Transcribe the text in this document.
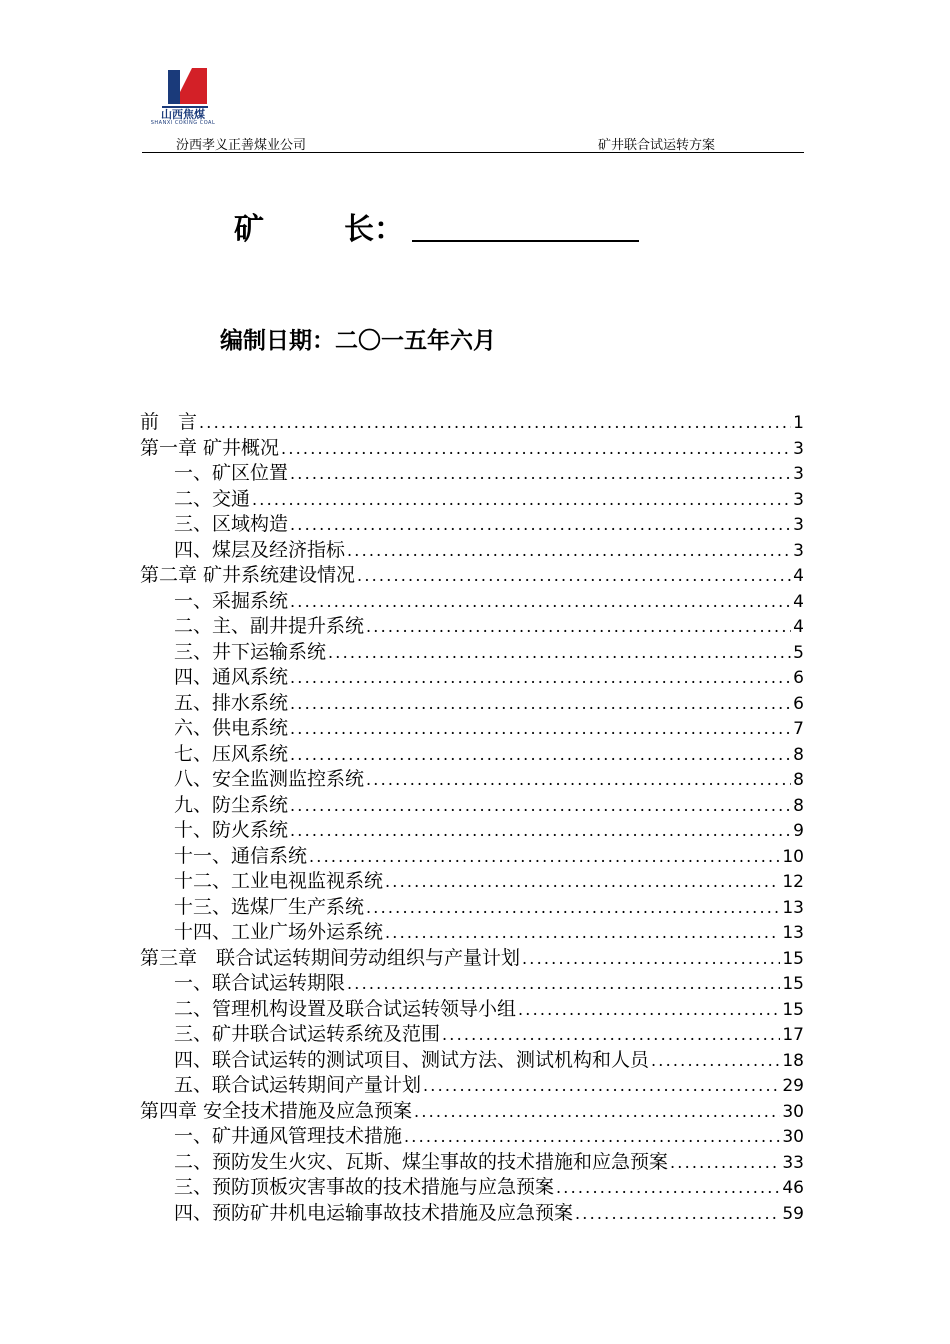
山西焦煤
SHANXI COKING COAL
汾西孝义正善煤业公司	矿井联合试运转方案
矿	长：
编制日期：二〇一五年六月
前　言 .....	1
第一章 矿井概况 .....	3
一、矿区位置 .....	3
二、交通 .....	3
三、区域构造 .....	3
四、煤层及经济指标 .....	3
第二章 矿井系统建设情况 .....	4
一、采掘系统 .....	4
二、主、副井提升系统 .....	4
三、井下运输系统 .....	5
四、通风系统 .....	6
五、排水系统 .....	6
六、供电系统 .....	7
七、压风系统 .....	8
八、安全监测监控系统 .....	8
九、防尘系统 .....	8
十、防火系统 .....	9
十一、通信系统 .....	10
十二、工业电视监视系统 .....	12
十三、选煤厂生产系统 .....	13
十四、工业广场外运系统 .....	13
第三章　联合试运转期间劳动组织与产量计划 .....	15
一、联合试运转期限 .....	15
二、管理机构设置及联合试运转领导小组 .....	15
三、矿井联合试运转系统及范围 .....	17
四、联合试运转的测试项目、测试方法、测试机构和人员 .....	18
五、联合试运转期间产量计划 .....	29
第四章 安全技术措施及应急预案 .....	30
一、矿井通风管理技术措施 .....	30
二、预防发生火灾、瓦斯、煤尘事故的技术措施和应急预案 .....	33
三、预防顶板灾害事故的技术措施与应急预案 .....	46
四、预防矿井机电运输事故技术措施及应急预案 .....	59
